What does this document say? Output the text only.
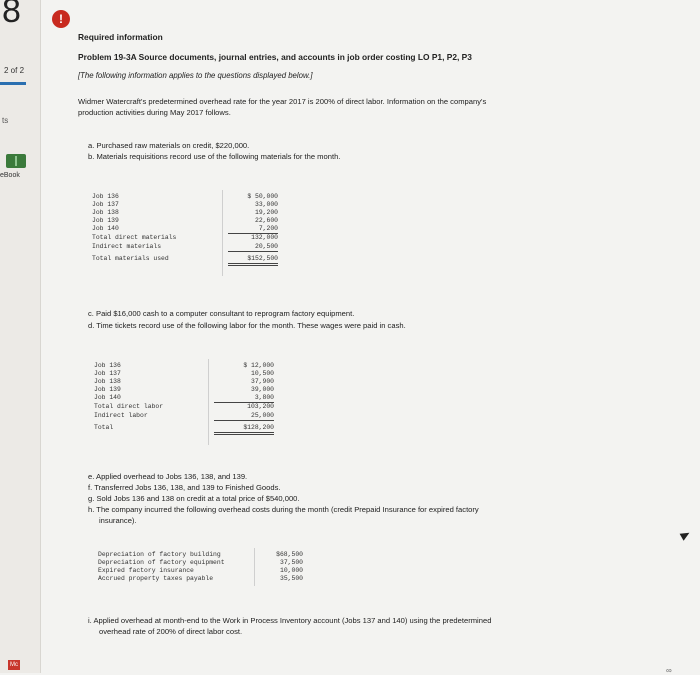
8	!
2 of 2
ts
eBook
Mc
Required information
Problem 19-3A Source documents, journal entries, and accounts in job order costing LO P1, P2, P3
[The following information applies to the questions displayed below.]
Widmer Watercraft's predetermined overhead rate for the year 2017 is 200% of direct labor. Information on the company's
production activities during May 2017 follows.
a. Purchased raw materials on credit, $220,000.
b. Materials requisitions record use of the following materials for the month.
Job 136	$ 50,000
Job 137	33,000
Job 138	19,200
Job 139	22,600
Job 140	7,200
Total direct materials	132,000
Indirect materials	20,500
Total materials used	$152,500
c. Paid $16,000 cash to a computer consultant to reprogram factory equipment.
d. Time tickets record use of the following labor for the month. These wages were paid in cash.
Job 136	$ 12,000
Job 137	10,500
Job 138	37,900
Job 139	39,000
Job 140	3,800
Total direct labor	103,200
Indirect labor	25,000
Total	$128,200
e. Applied overhead to Jobs 136, 138, and 139.
f. Transferred Jobs 136, 138, and 139 to Finished Goods.
g. Sold Jobs 136 and 138 on credit at a total price of $540,000.
h. The company incurred the following overhead costs during the month (credit Prepaid Insurance for expired factory
insurance).
Depreciation of factory building	$68,500
Depreciation of factory equipment	37,500
Expired factory insurance	10,000
Accrued property taxes payable	35,500
i. Applied overhead at month-end to the Work in Process Inventory account (Jobs 137 and 140) using the predetermined
overhead rate of 200% of direct labor cost.
∞
